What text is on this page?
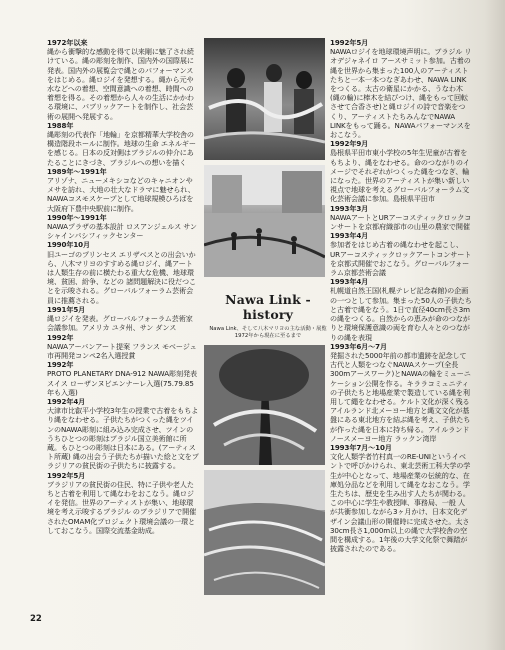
1972年以来
縄から衝撃的な感動を得て以来剛に魅了され続けている。縄の彫刻を制作、国内外の国際展に発表。国内外の展覧会で縄とのパフォーマンスをはじめる。縄ロジイを発想する。縄から元や水などへの着想、空間意識への着想、時間への着想を得る。その着想から人々の生活にかかわる環境に、パブリックアートを制作し、社会芸術の展開へ発展する。
1988年
縄彫刻の代表作「地輪」を京都精華大学校舎の構造階段ホールに制作。地球の生命 エネルギーを感じる。日本の反対側はブラジルの仲介にあたることにきづき、ブラジルへの想いを描く
1989年～1991年
アリゾナ、ニューメキシコなどのキャニオンやメサを訪れ、大地の壮大なドラマに魅せられ、NAWAコスモスケープとして地球規模ひろばを大阪府下豊中央駅前に制作。
1990年～1991年
NAWAプラザの基本設計 ロスアンジェルス サンシャインパシフィックセンター
1990年10月
旧ユーゴのプリンセス エリザベスとの出会いから、八木マリヨのすすめる縄ロジイ、縄アートは人類生存の前に横たわる重大な危機、地球環境、貧困、紛争、などの 諸問題解決に役だつことを示唆される。グローバルフォーラム芸術会員に推薦される。
1991年5月
縄ロジイを発表。グローバルフォーラム芸術家会議参加。アメリカ ユタ州、サン ダンス
1992年
NAWAアーバンアート提案 フランス モベージュ市再開発コンペ2名入選授賞
1992年
PROTO PLANETARY DNA-912 NAWA彫刻発表 スイス ローザンヌビエンナーレ入選(75.79.85年も入選)
1992年4月
大津市比叡平小学校3年生の授業で古着をもちより縄をなわせる。子供たちがつくった縄をツインのNAWA彫刻に組み込み完成させ、ツインのうちひとつの彫刻はブラジル国立美術館に所蔵。もひとつの彫刻は日本にある。(アーティスト所蔵) 縄の出会う子供たちが描いた絵と文をブラジリアの貧民街の子供たちに披露する。
1992年5月
ブラジリアの貧民街の住民、特に子供や老人たちと古着を利用して縄なわをおこなう。縄ロジイを発信。世界のアーティストが集い、地球環境を考え示唆するブラジル のブラジリアで開催されたOMAM化プロジェクト環境会議の一環としておこなう。国際交流基金助成。
Nawa Link -history
Nawa Link、そして八木マリヨの主な活動・展覧 1972年から現在に至るまで
1992年5月
NAWAロジイを地球環境声明に。ブラジル リオデジャネイロ アースサミット参加。古着の縄を世界から集まった100人のアーティストたちと一本一本つなぎあわせ、NAWA LINKをつくる。太古の衛星にかかる、うなわ木(縄の輪)に棒木を結びつけ、縄をもって回転させて合香させ)と縄ロジイの詩で音楽をつくり、アーティストたちみんなでNAWA LINKをもって踊る。NAWAパフォーマンスをおこなう。
1992年9月
島根県平田市東小学校の5年生児童が古着をもちより、縄をなわせる。命のつながりのイメージでそれぞれがつくった縄をつなぎ、輪になった。世界のアーティストが集い新しい視点で地球を考えるグローバルフォーラム文化芸術会議に参加。島根県平田市
1993年3月
NAWAアートとURアーコスティックロックコンサートを京都府織部市の山里の農家で開催
1993年4月
参加者をはじめ古着の縄なわせを起こし、URアーコスティックロックアートコンサートを京都式開催でおこなう。グローバルフォーラム京都芸術会議
1993年4月
札幌道自然王国(札幌テレビ記念森館)の企画の一つとして参加。集まった50人の子供たちと古着で縄をなう。1日で直径40cm長さ3mの縄をつくる。自然からの恵みが命のつながりと環境保護意識の両を育む人々とのつながりの縄を表現
1993年6月～7月
発掘された5000年前の都市遺跡を記念して古代と人類をつなぐNAWAスケープ(全長300mアースワーク)とNAWAの輪をミューニケーション公開を作る。キララコミュニティの子供たちと地場産業で製造している縄を利用して繩をなわせる。ケルト文化が深く残るアイルランド北メーヨー地方と縄文文化が基盤にある東北地方を結ぶ縄を考え、子供たちが作った縄を日本に持ち帰る。アイルランド ノースメーヨー地方 ラックン湾岸
1993年7月～10月
文化人類学者竹村真一のRE-UNIというイベントで呼びかけられ、東北芸術工科大学の学生が中心となって、地場産業の伝統的な、在庫処分品などを利用して縄をなおこなう。学生たちは、歴史を生み出す人たちが関わる。この中心に学生や教授陣、事務局、一般 人が共衝参加しながら3ヶ月かけ、日本文化デザイン会議山形の開催時に完成させた。太さ30cm長さ1,000m以上の縄で大学校舎の空間を構成する。1年後の大学文化祭で舞踏が披露されたのである。
22
